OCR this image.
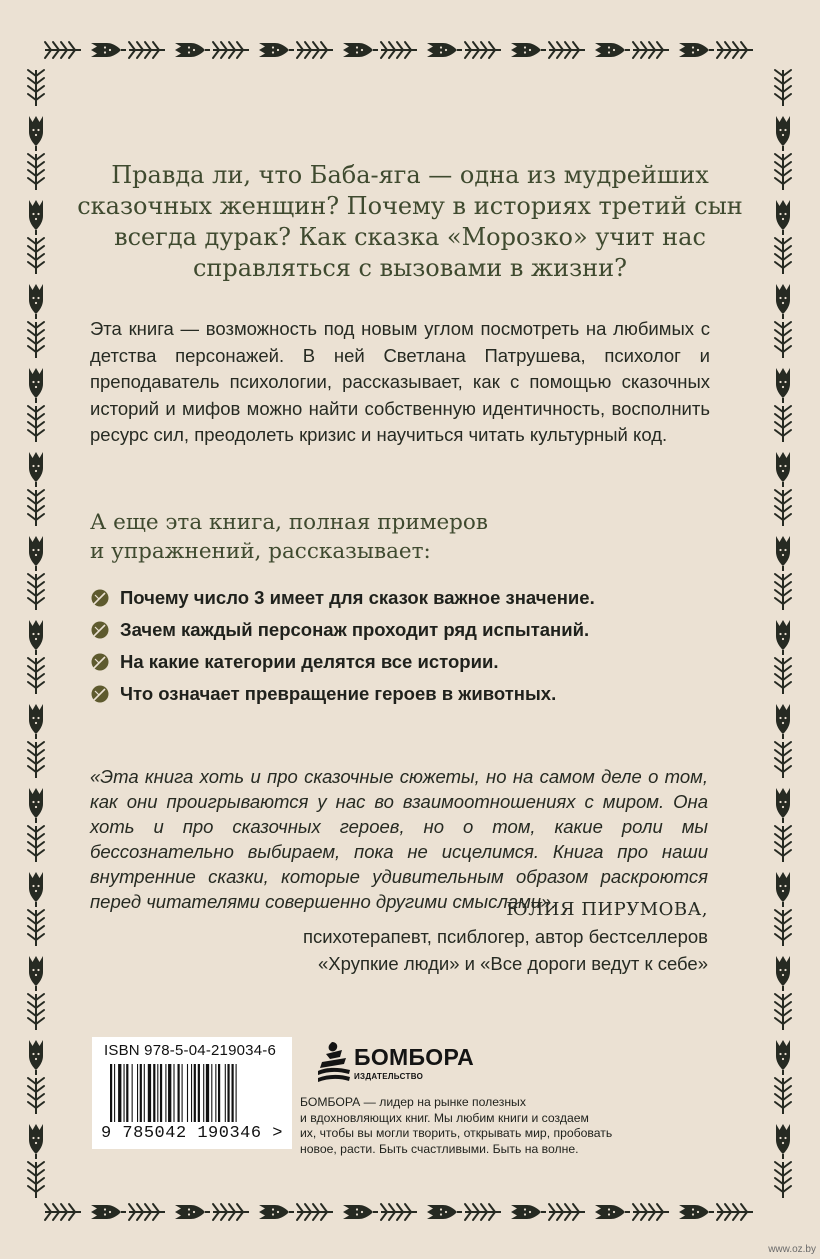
Правда ли, что Баба-яга — одна из мудрейших
сказочных женщин? Почему в историях третий сын
всегда дурак? Как сказка «Морозко» учит нас
справляться с вызовами в жизни?
Эта книга — возможность под новым углом посмотреть на любимых с детства персонажей. В ней Светлана Патрушева, психолог и преподаватель психологии, рассказывает, как с помощью сказочных историй и мифов можно найти собственную идентичность, восполнить ресурс сил, преодолеть кризис и научиться читать культурный код.
А еще эта книга, полная примеров
и упражнений, рассказывает:
Почему число 3 имеет для сказок важное значение.
Зачем каждый персонаж проходит ряд испытаний.
На какие категории делятся все истории.
Что означает превращение героев в животных.
«Эта книга хоть и про сказочные сюжеты, но на самом деле о том, как они проигрываются у нас во взаимоотношениях с миром. Она хоть и про сказочных героев, но о том, какие роли мы бессознательно выбираем, пока не исцелимся. Книга про наши внутренние сказки, которые удивительным образом раскроются перед читателями совершенно другими смыслами».
ЮЛИЯ ПИРУМОВА,
психотерапевт, псиблогер, автор бестселлеров
«Хрупкие люди» и «Все дороги ведут к себе»
ISBN 978-5-04-219034-6
9 785042 190346 >
БОМБОРА
ИЗДАТЕЛЬСТВО
БОМБОРА — лидер на рынке полезных
и вдохновляющих книг. Мы любим книги и создаем
их, чтобы вы могли творить, открывать мир, пробовать
новое, расти. Быть счастливыми. Быть на волне.
www.oz.by
